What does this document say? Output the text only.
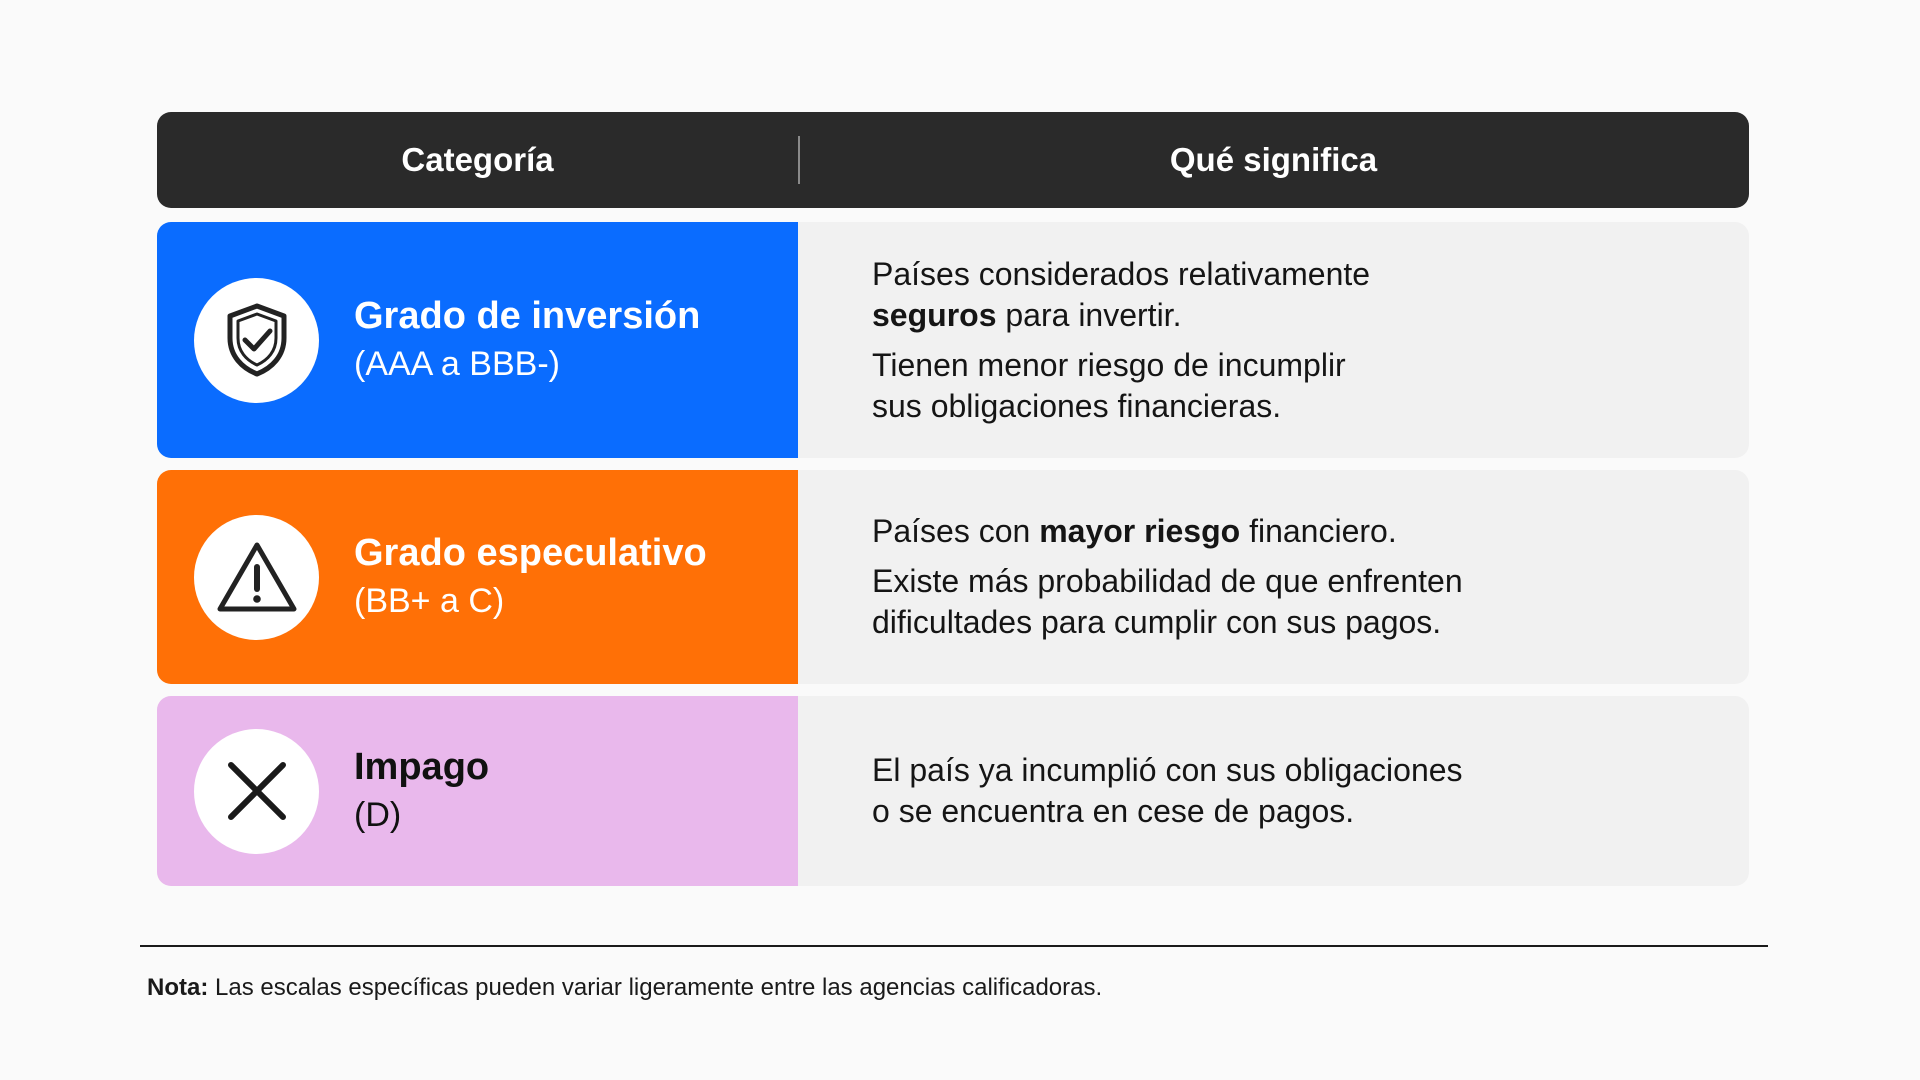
Categoría	Qué significa
Grado de inversión
(AAA a BBB-)
Países considerados relativamente
seguros para invertir.
Tienen menor riesgo de incumplir
sus obligaciones financieras.
Grado especulativo
(BB+ a C)
Países con mayor riesgo financiero.
Existe más probabilidad de que enfrenten
dificultades para cumplir con sus pagos.
Impago
(D)
El país ya incumplió con sus obligaciones
o se encuentra en cese de pagos.
Nota: Las escalas específicas pueden variar ligeramente entre las agencias calificadoras.
